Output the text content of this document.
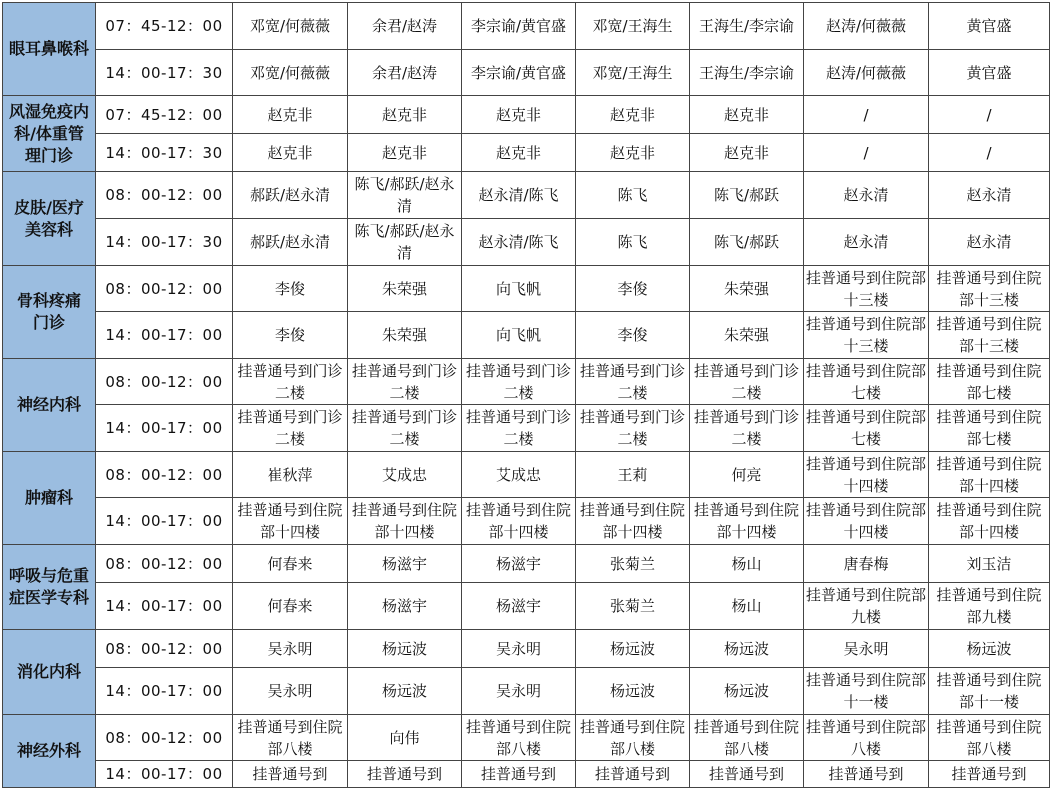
眼耳鼻喉科	07：45-12：00	邓宽/何薇薇	余君/赵涛	李宗谕/黄官盛	邓宽/王海生	王海生/李宗谕	赵涛/何薇薇	黄官盛
	14：00-17：30	邓宽/何薇薇	余君/赵涛	李宗谕/黄官盛	邓宽/王海生	王海生/李宗谕	赵涛/何薇薇	黄官盛
风湿免疫内
科/体重管
理门诊	07：45-12：00	赵克非	赵克非	赵克非	赵克非	赵克非	/	/
	14：00-17：30	赵克非	赵克非	赵克非	赵克非	赵克非	/	/
皮肤/医疗
美容科	08：00-12：00	郝跃/赵永清	陈飞/郝跃/赵永清	赵永清/陈飞	陈飞	陈飞/郝跃	赵永清	赵永清
	14：00-17：30	郝跃/赵永清	陈飞/郝跃/赵永清	赵永清/陈飞	陈飞	陈飞/郝跃	赵永清	赵永清
骨科疼痛
门诊	08：00-12：00	李俊	朱荣强	向飞帆	李俊	朱荣强	挂普通号到住院部十三楼	挂普通号到住院部十三楼
	14：00-17：00	李俊	朱荣强	向飞帆	李俊	朱荣强	挂普通号到住院部十三楼	挂普通号到住院部十三楼
神经内科	08：00-12：00	挂普通号到门诊二楼	挂普通号到门诊二楼	挂普通号到门诊二楼	挂普通号到门诊二楼	挂普通号到门诊二楼	挂普通号到住院部七楼	挂普通号到住院部七楼
	14：00-17：00	挂普通号到门诊二楼	挂普通号到门诊二楼	挂普通号到门诊二楼	挂普通号到门诊二楼	挂普通号到门诊二楼	挂普通号到住院部七楼	挂普通号到住院部七楼
肿瘤科	08：00-12：00	崔秋萍	艾成忠	艾成忠	王莉	何亮	挂普通号到住院部十四楼	挂普通号到住院部十四楼
	14：00-17：00	挂普通号到住院部十四楼	挂普通号到住院部十四楼	挂普通号到住院部十四楼	挂普通号到住院部十四楼	挂普通号到住院部十四楼	挂普通号到住院部十四楼	挂普通号到住院部十四楼
呼吸与危重
症医学专科	08：00-12：00	何春来	杨滋宇	杨滋宇	张菊兰	杨山	唐春梅	刘玉洁
	14：00-17：00	何春来	杨滋宇	杨滋宇	张菊兰	杨山	挂普通号到住院部九楼	挂普通号到住院部九楼
消化内科	08：00-12：00	吴永明	杨远波	吴永明	杨远波	杨远波	吴永明	杨远波
	14：00-17：00	吴永明	杨远波	吴永明	杨远波	杨远波	挂普通号到住院部十一楼	挂普通号到住院部十一楼
神经外科	08：00-12：00	挂普通号到住院部八楼	向伟	挂普通号到住院部八楼	挂普通号到住院部八楼	挂普通号到住院部八楼	挂普通号到住院部八楼	挂普通号到住院部八楼
	14：00-17：00	挂普通号到	挂普通号到	挂普通号到	挂普通号到	挂普通号到	挂普通号到	挂普通号到
